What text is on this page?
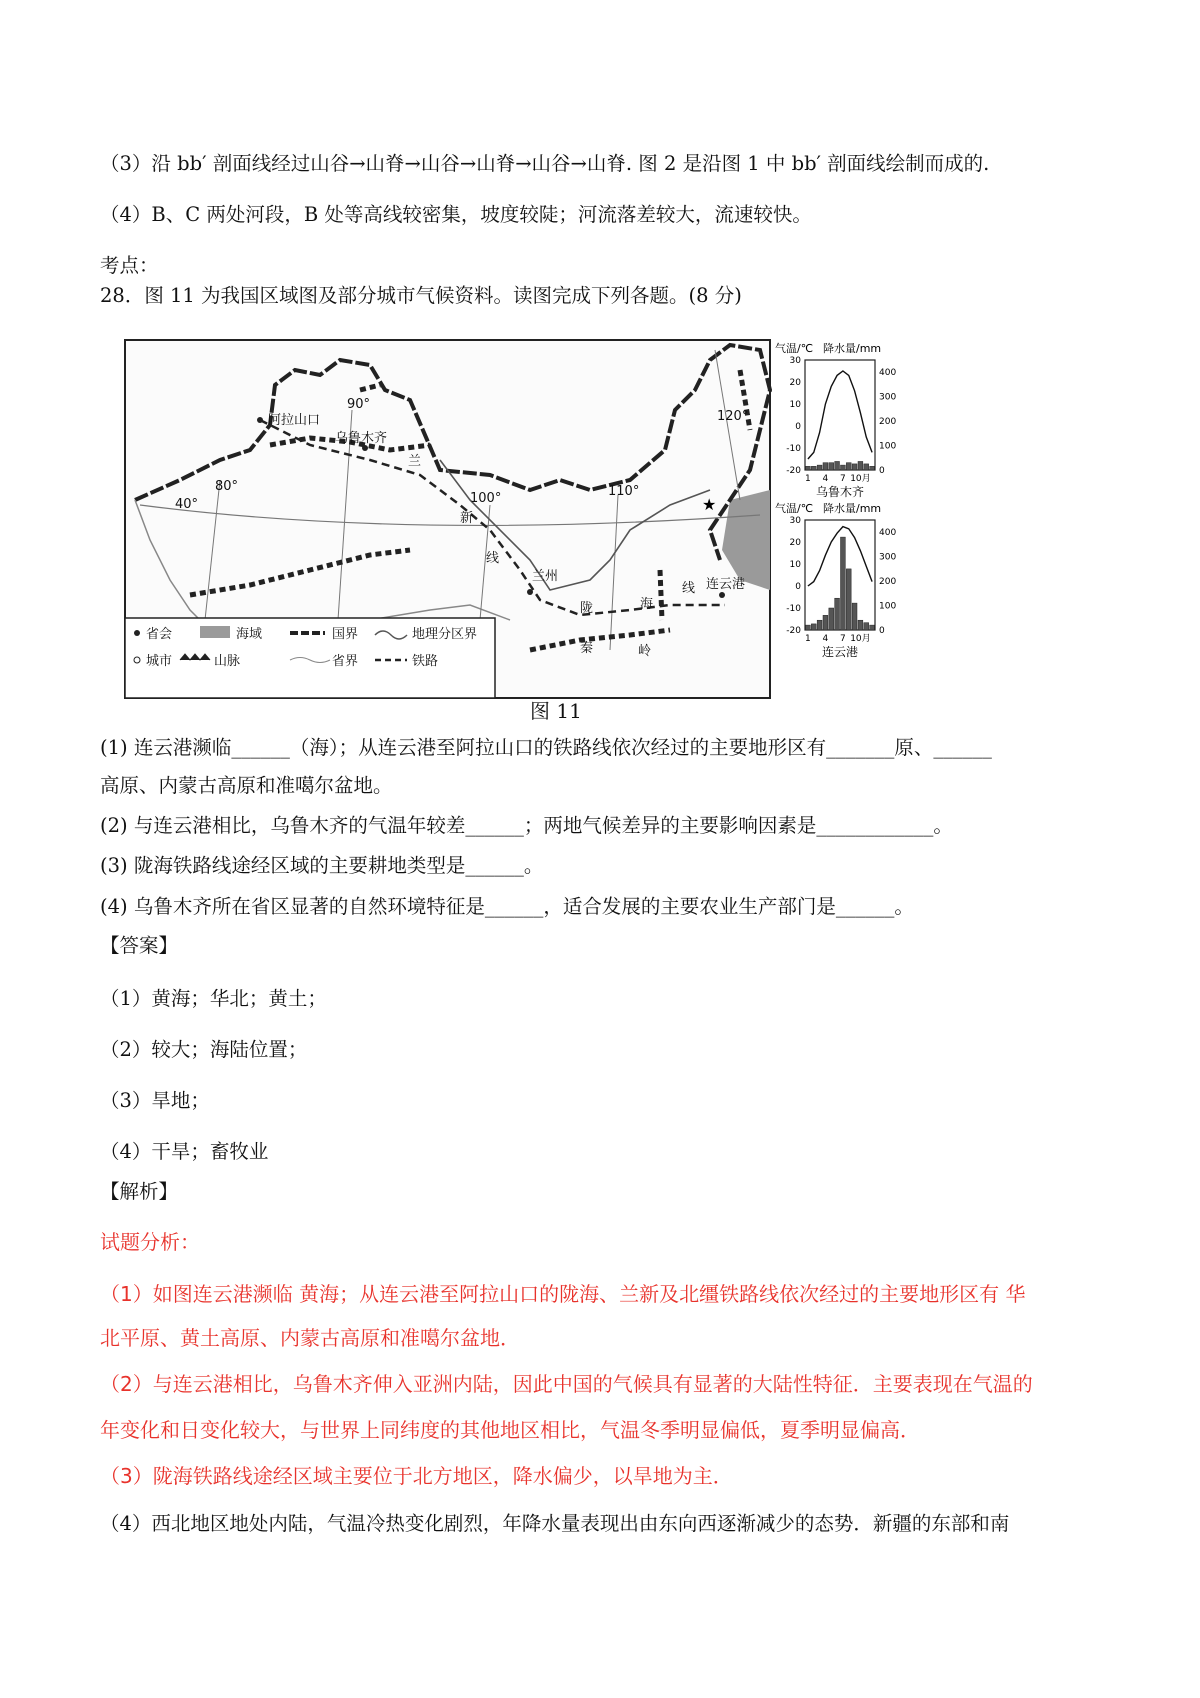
（3）沿 bb′ 剖面线经过山谷→山脊→山谷→山脊→山谷→山脊. 图 2 是沿图 1 中 bb′ 剖面线绘制而成的.
（4）B、C 两处河段，B 处等高线较密集，坡度较陡；河流落差较大，流速较快。
考点：
28．图 11 为我国区域图及部分城市气候资料。读图完成下列各题。(8 分)
★
阿拉山口
乌鲁木齐
兰
新
线
兰州
陇	海
线 连云港
秦	岭
40°
80°
90°
100°	110°
120°
省会	海域	国界	地理分区界
城市	山脉	省界	铁路
气温/℃ 降水量/mm
30
20
10
0
-10
-20
400
300
200
100
0
1 4 7 10月
乌鲁木齐
气温/℃ 降水量/mm
30
20
10
0
-10
-20
400
300
200
100
0
1 4 7 10月
连云港
图 11
(1) 连云港濒临______（海）；从连云港至阿拉山口的铁路线依次经过的主要地形区有_______原、______
高原、内蒙古高原和准噶尔盆地。
(2) 与连云港相比，乌鲁木齐的气温年较差______；两地气候差异的主要影响因素是____________。
(3) 陇海铁路线途经区域的主要耕地类型是______。
(4) 乌鲁木齐所在省区显著的自然环境特征是______，适合发展的主要农业生产部门是______。
【答案】
（1）黄海；华北；黄土；
（2）较大；海陆位置；
（3）旱地；
（4）干旱；畜牧业
【解析】
试题分析：
（1）如图连云港濒临 黄海；从连云港至阿拉山口的陇海、兰新及北缰铁路线依次经过的主要地形区有 华
北平原、黄土高原、内蒙古高原和准噶尔盆地．
（2）与连云港相比，乌鲁木齐伸入亚洲内陆，因此中国的气候具有显著的大陆性特征．主要表现在气温的
年变化和日变化较大，与世界上同纬度的其他地区相比，气温冬季明显偏低，夏季明显偏高．
（3）陇海铁路线途经区域主要位于北方地区，降水偏少，以旱地为主．
（4）西北地区地处内陆，气温冷热变化剧烈，年降水量表现出由东向西逐渐减少的态势．新疆的东部和南
